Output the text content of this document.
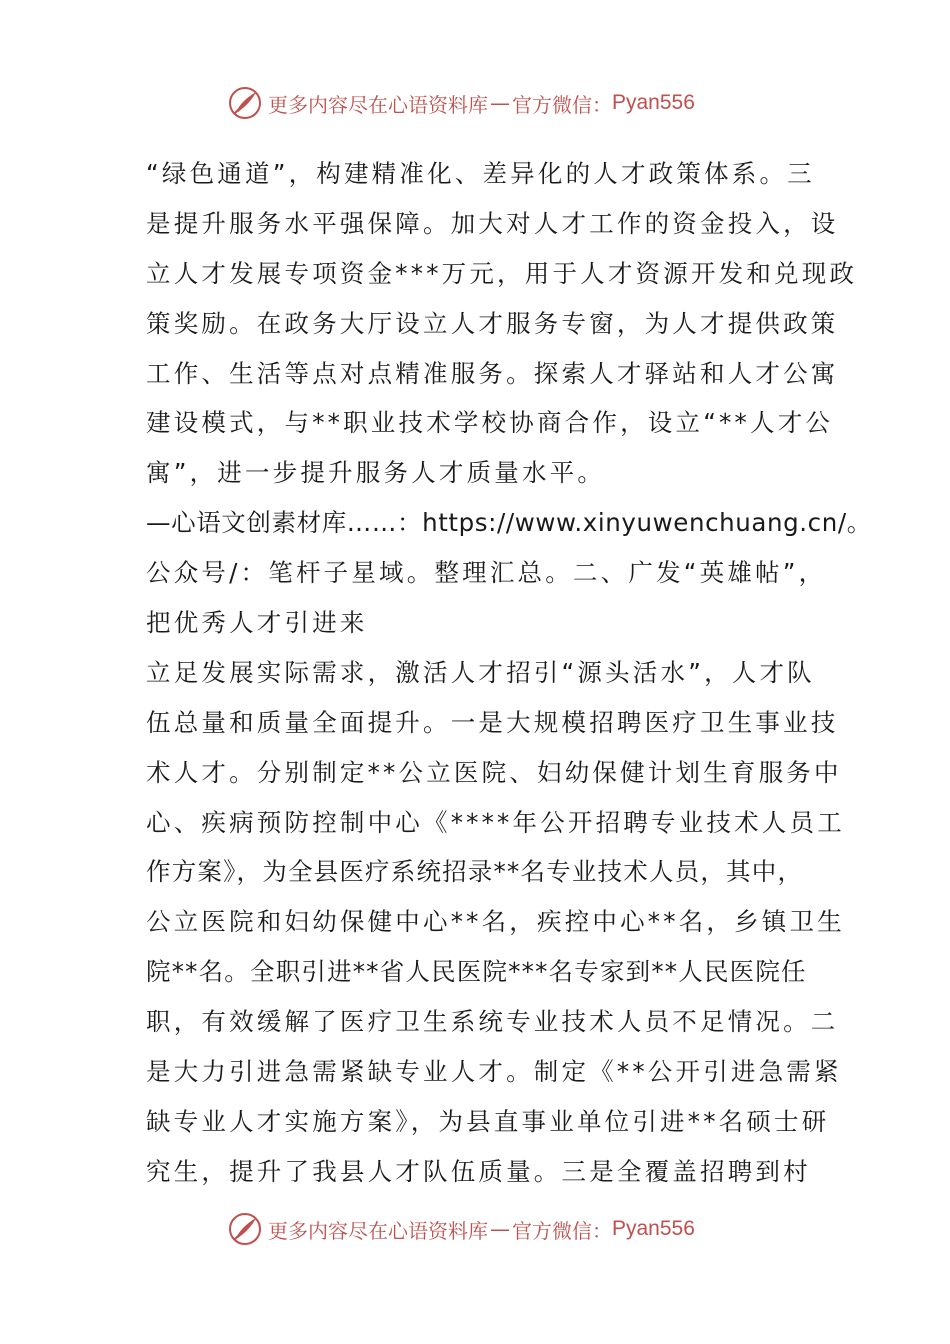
更多内容尽在心语资料库 — 官方微信： Pyan556
“绿色通道”，构建精准化、差异化的人才政策体系。三
是提升服务水平强保障。加大对人才工作的资金投入，设
立人才发展专项资金***万元，用于人才资源开发和兑现政
策奖励。在政务大厅设立人才服务专窗，为人才提供政策
工作、生活等点对点精准服务。探索人才驿站和人才公寓
建设模式，与**职业技术学校协商合作，设立“**人才公
寓”，进一步提升服务人才质量水平。
—心语文创素材库……：https://www.xinyuwenchuang.cn/。
公众号/：笔杆子星域。整理汇总。二、广发“英雄帖”，
把优秀人才引进来
立足发展实际需求，激活人才招引“源头活水”，人才队
伍总量和质量全面提升。一是大规模招聘医疗卫生事业技
术人才。分别制定**公立医院、妇幼保健计划生育服务中
心、疾病预防控制中心《****年公开招聘专业技术人员工
作方案》，为全县医疗系统招录**名专业技术人员，其中，
公立医院和妇幼保健中心**名，疾控中心**名，乡镇卫生
院**名。全职引进**省人民医院***名专家到**人民医院任
职，有效缓解了医疗卫生系统专业技术人员不足情况。二
是大力引进急需紧缺专业人才。制定《**公开引进急需紧
缺专业人才实施方案》，为县直事业单位引进**名硕士研
究生，提升了我县人才队伍质量。三是全覆盖招聘到村
更多内容尽在心语资料库 — 官方微信： Pyan556
